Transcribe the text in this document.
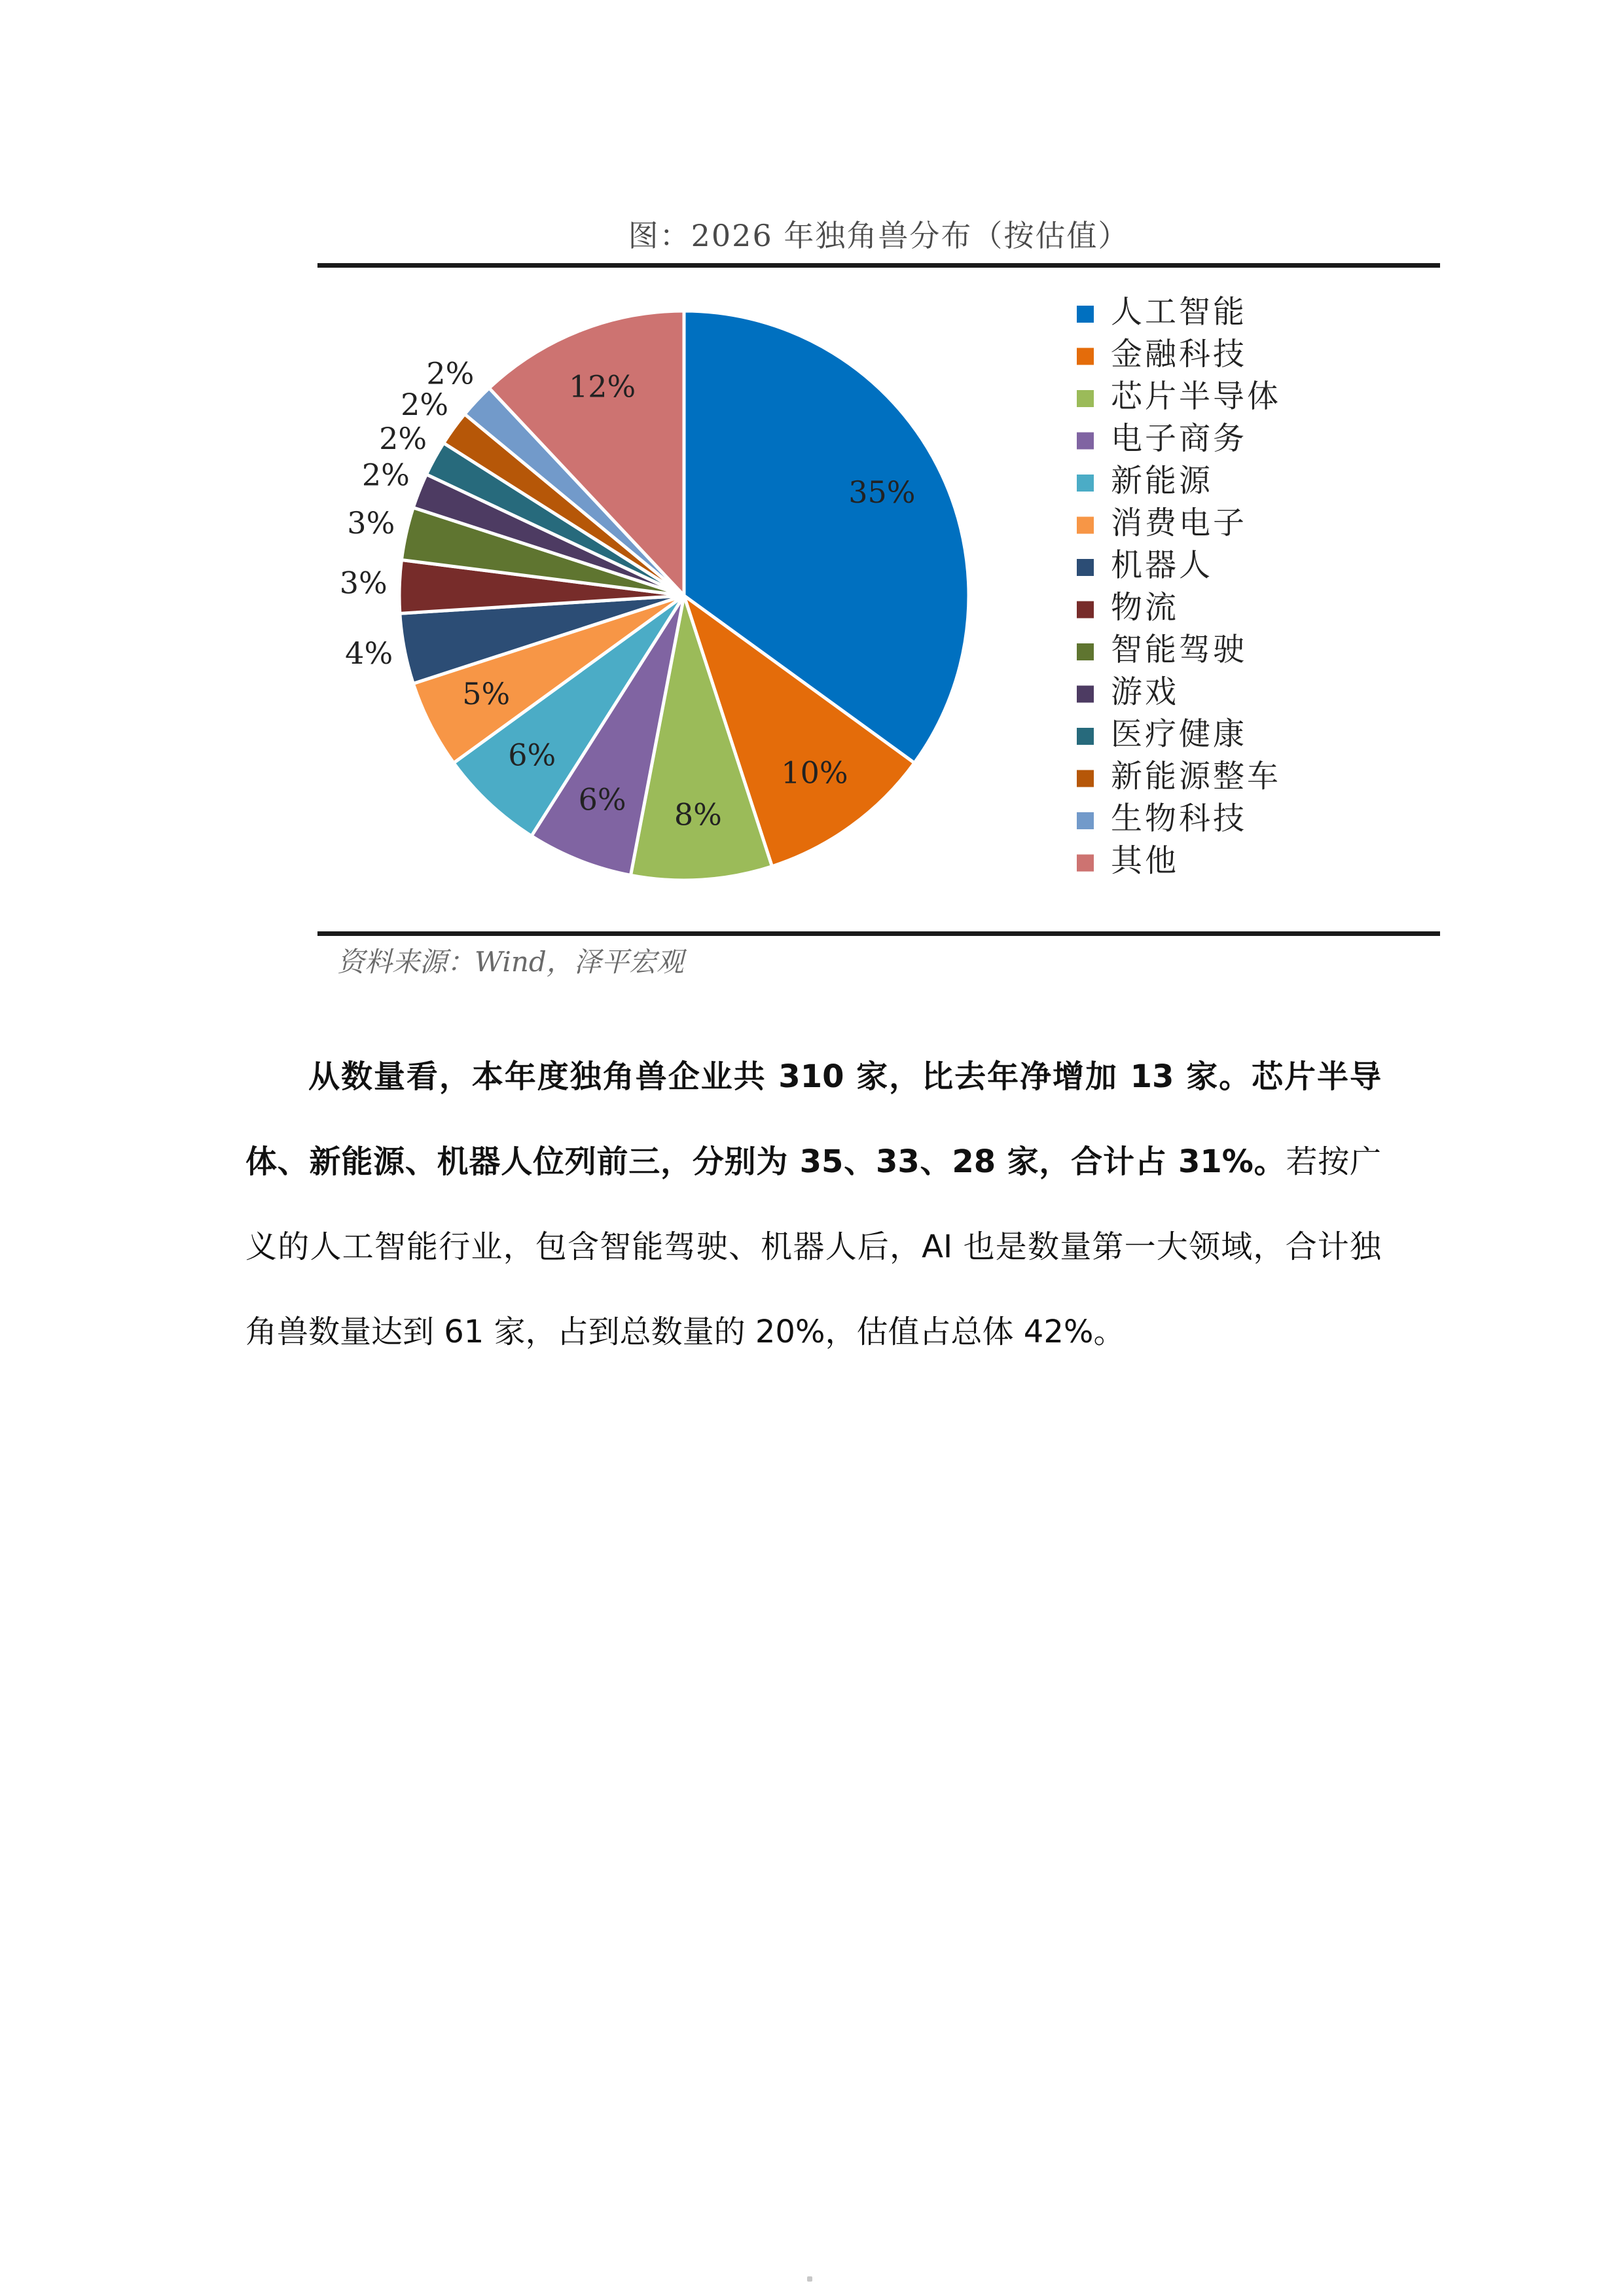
图：2026 年独角兽分布（按估值）
35%
10%
8%
6%
6%
5%
4%
3%
3%
2%
2%
2%
2%	12%
人工智能
金融科技
芯片半导体
电子商务
新能源
消费电子
机器人
物流
智能驾驶
游戏
医疗健康
新能源整车
生物科技
其他
资料来源：Wind，泽平宏观

从数量看，本年度独角兽企业共 310 家，比去年净增加 13 家。芯片半导体、新能源、机器人位列前三，分别为 35、33、28 家，合计占 31%。若按广义的人工智能行业，包含智能驾驶、机器人后，AI 也是数量第一大领域，合计独角兽数量达到 61 家，占到总数量的 20%，估值占总体 42%。
